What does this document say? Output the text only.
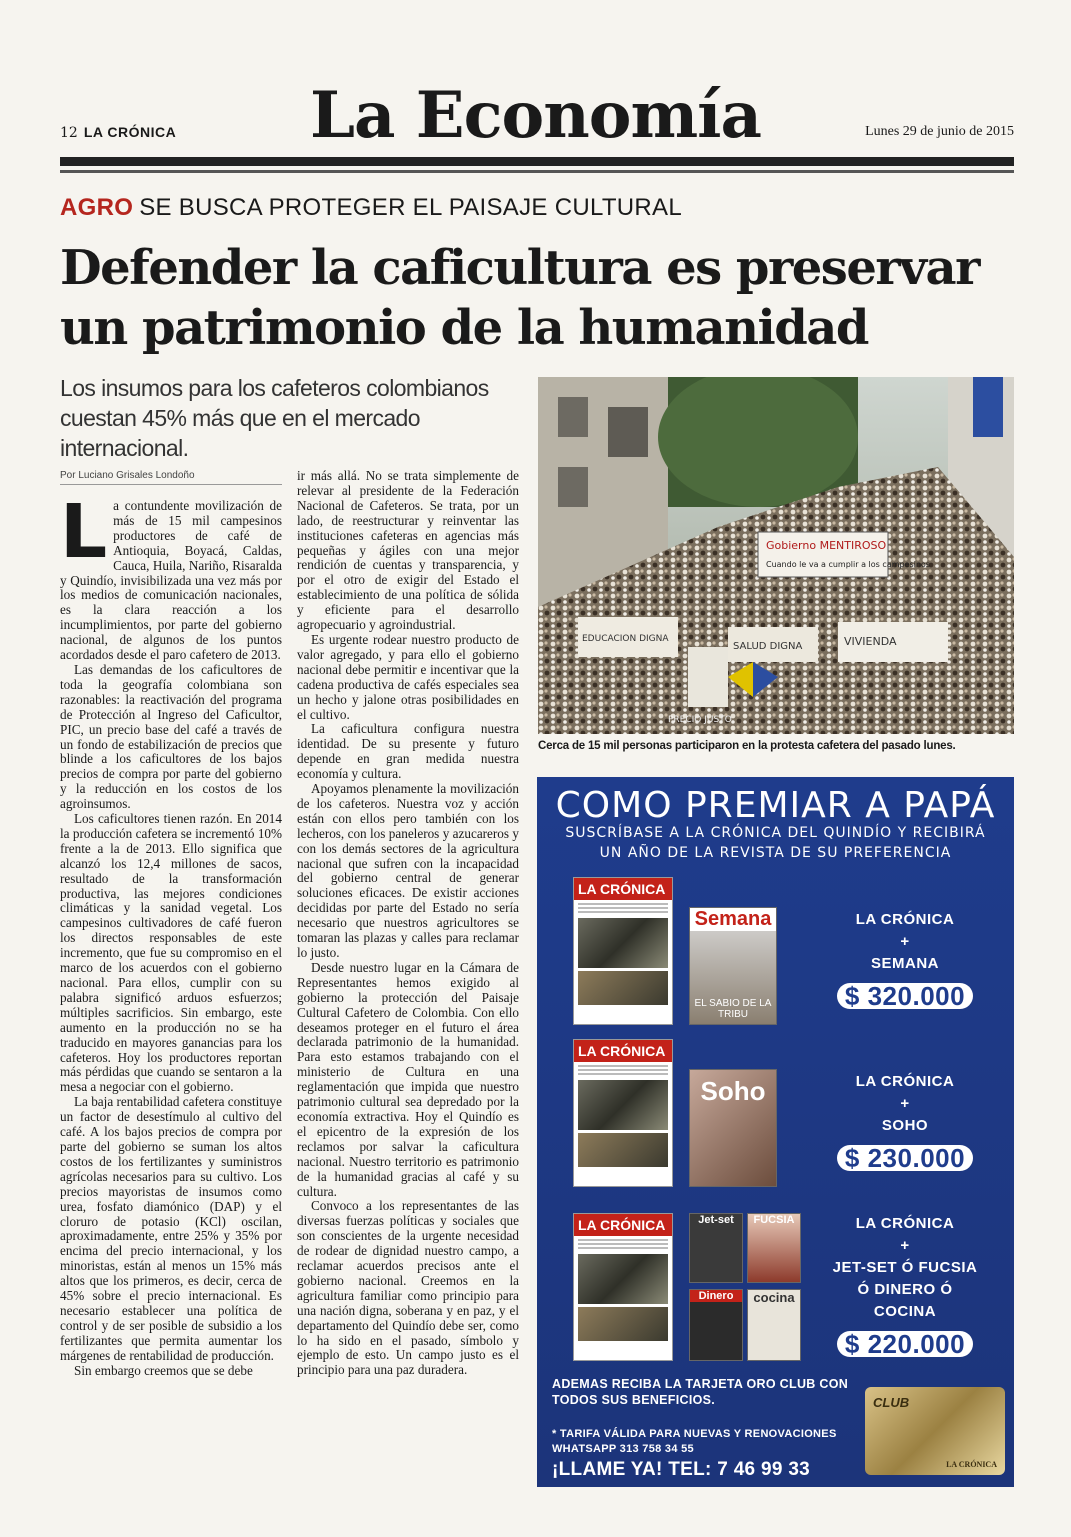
12 LA CRÓNICA	La Economía	Lunes 29 de junio de 2015
AGRO SE BUSCA PROTEGER EL PAISAJE CULTURAL
Defender la caficultura es preservar
un patrimonio de la humanidad
Los insumos para los cafeteros colombianos cuestan 45% más que en el mercado internacional.
Por Luciano Grisales Londoño

La contundente movilización de más de 15 mil campesinos productores de café de Antioquia, Boyacá, Caldas, Cauca, Huila, Nariño, Risaralda y Quindío, invisibilizada una vez más por los medios de comunicación nacionales, es la clara reacción a los incumplimientos, por parte del gobierno nacional, de algunos de los puntos acordados desde el paro cafetero de 2013.

Las demandas de los caficultores de toda la geografía colombiana son razonables: la reactivación del programa de Protección al Ingreso del Caficultor, PIC, un precio base del café a través de un fondo de estabilización de precios que blinde a los caficultores de los bajos precios de compra por parte del gobierno y la reducción en los costos de los agroinsumos.

Los caficultores tienen razón. En 2014 la producción cafetera se incrementó 10% frente a la de 2013. Ello significa que alcanzó los 12,4 millones de sacos, resultado de la transformación productiva, las mejores condiciones climáticas y la sanidad vegetal. Los campesinos cultivadores de café fueron los directos responsables de este incremento, que fue su compromiso en el marco de los acuerdos con el gobierno nacional. Para ellos, cumplir con su palabra significó arduos esfuerzos; múltiples sacrificios. Sin embargo, este aumento en la producción no se ha traducido en mayores ganancias para los cafeteros. Hoy los productores reportan más pérdidas que cuando se sentaron a la mesa a negociar con el gobierno.

La baja rentabilidad cafetera constituye un factor de desestímulo al cultivo del café. A los bajos precios de compra por parte del gobierno se suman los altos costos de los fertilizantes y suministros agrícolas necesarios para su cultivo. Los precios mayoristas de insumos como urea, fosfato diamónico (DAP) y el cloruro de potasio (KCl) oscilan, aproximadamente, entre 25% y 35% por encima del precio internacional, y los minoristas, están al menos un 15% más altos que los primeros, es decir, cerca de 45% sobre el precio internacional. Es necesario establecer una política de control y de ser posible de subsidio a los fertilizantes que permita aumentar los márgenes de rentabilidad de producción.

Sin embargo creemos que se debe

ir más allá. No se trata simplemente de relevar al presidente de la Federación Nacional de Cafeteros. Se trata, por un lado, de reestructurar y reinventar las instituciones cafeteras en agencias más pequeñas y ágiles con una mejor rendición de cuentas y transparencia, y por el otro de exigir del Estado el establecimiento de una política de sólida y eficiente para el desarrollo agropecuario y agroindustrial.

Es urgente rodear nuestro producto de valor agregado, y para ello el gobierno nacional debe permitir e incentivar que la cadena productiva de cafés especiales sea un hecho y jalone otras posibilidades en el cultivo.

La caficultura configura nuestra identidad. De su presente y futuro depende en gran medida nuestra economía y cultura.

Apoyamos plenamente la movilización de los cafeteros. Nuestra voz y acción están con ellos pero también con los lecheros, con los paneleros y azucareros y con los demás sectores de la agricultura nacional que sufren con la incapacidad del gobierno central de generar soluciones eficaces. De existir acciones decididas por parte del Estado no sería necesario que nuestros agricultores se tomaran las plazas y calles para reclamar lo justo.

Desde nuestro lugar en la Cámara de Representantes hemos exigido al gobierno la protección del Paisaje Cultural Cafetero de Colombia. Con ello deseamos proteger en el futuro el área declarada patrimonio de la humanidad. Para esto estamos trabajando con el ministerio de Cultura en una reglamentación que impida que nuestro patrimonio cultural sea depredado por la economía extractiva. Hoy el Quindío es el epicentro de la expresión de los reclamos por salvar la caficultura nacional. Nuestro territorio es patrimonio de la humanidad gracias al café y su cultura.

Convoco a los representantes de las diversas fuerzas políticas y sociales que son conscientes de la urgente necesidad de rodear de dignidad nuestro campo, a reclamar acuerdos precisos ante el gobierno nacional. Creemos en la agricultura familiar como principio para una nación digna, soberana y en paz, y el departamento del Quindío debe ser, como lo ha sido en el pasado, símbolo y ejemplo de esto. Un campo justo es el principio para una paz duradera.

Gobierno MENTIROSO
Cuando le va a cumplir a los campesinos
VIVIENDA
SALUD DIGNA
EDUCACION DIGNA
PRECIO JUSTO
Cerca de 15 mil personas participaron en la protesta cafetera del pasado lunes.
COMO PREMIAR A PAPÁ
SUSCRÍBASE A LA CRÓNICA DEL QUINDÍO Y RECIBIRÁ
UN AÑO DE LA REVISTA DE SU PREFERENCIA
LA CRÓNICA
Semana
EL SABIO DE LA TRIBU
LA CRÓNICA
+
SEMANA
$ 320.000
LA CRÓNICA
Soho	LA CRÓNICA
+
SOHO
$ 230.000
LA CRÓNICA	Jet-set	FUCSIA
Dinero	cocina
LA CRÓNICA
+
JET-SET Ó FUCSIA
Ó DINERO Ó COCINA
$ 220.000
ADEMAS RECIBA LA TARJETA ORO CLUB CON
TODOS SUS BENEFICIOS.
* TARIFA VÁLIDA PARA NUEVAS Y RENOVACIONES
WHATSAPP 313 758 34 55
¡LLAME YA! TEL: 7 46 99 33
CLUB
LA CRÓNICA
